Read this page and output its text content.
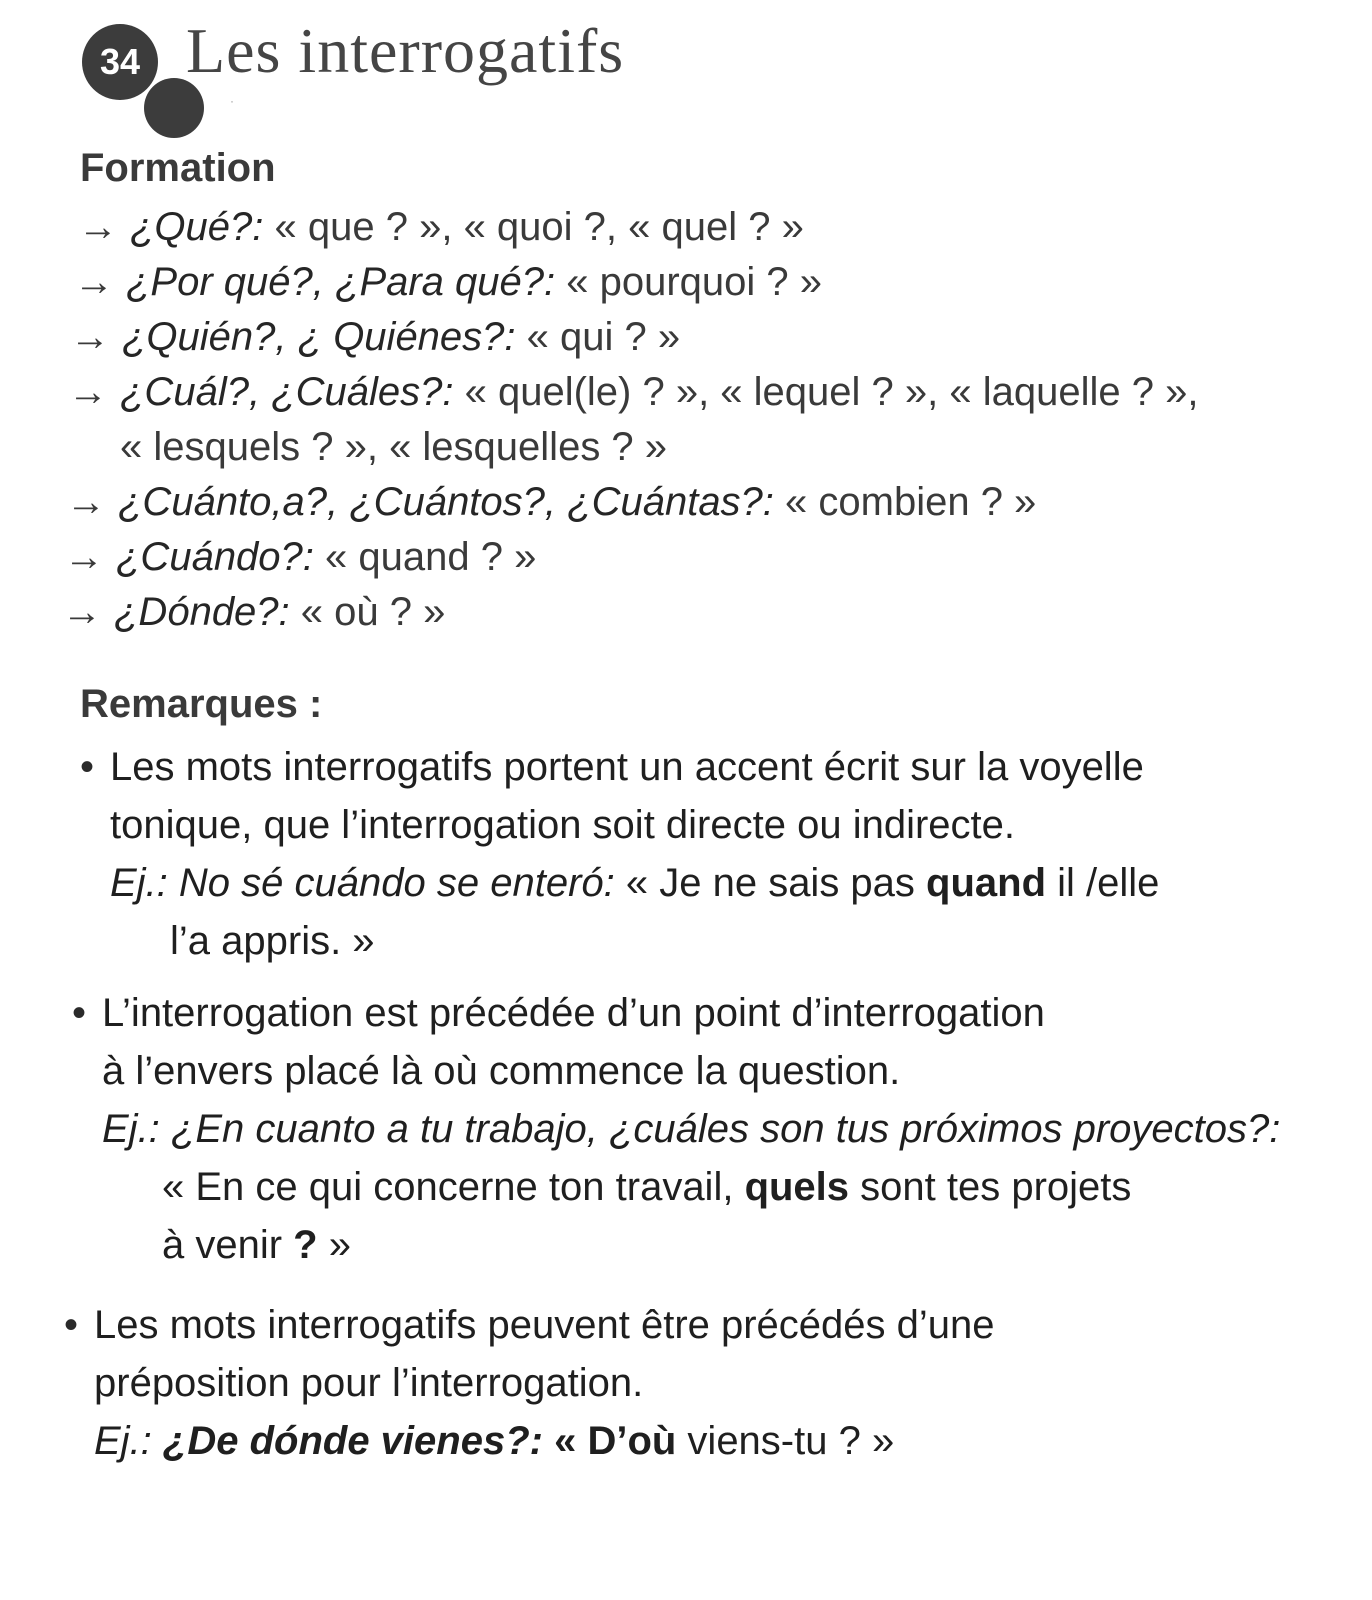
34
·
Les interrogatifs
Formation
→ ¿Qué?: « que ? », « quoi ?, « quel ? »
→ ¿Por qué?, ¿Para qué?: « pourquoi ? »
→ ¿Quién?, ¿ Quiénes?: « qui ? »
→ ¿Cuál?, ¿Cuáles?: « quel(le) ? », « lequel ? », « laquelle ? »,
« lesquels ? », « lesquelles ? »
→ ¿Cuánto,a?, ¿Cuántos?, ¿Cuántas?: « combien ? »
→ ¿Cuándo?: « quand ? »
→ ¿Dónde?: « où ? »
Remarques :
• Les mots interrogatifs portent un accent écrit sur la voyelle
tonique, que l’interrogation soit directe ou indirecte.
Ej.: No sé cuándo se enteró: « Je ne sais pas quand il /elle
l’a appris. »
• L’interrogation est précédée d’un point d’interrogation
à l’envers placé là où commence la question.
Ej.: ¿En cuanto a tu trabajo, ¿cuáles son tus próximos proyectos?:
« En ce qui concerne ton travail, quels sont tes projets
à venir ? »
• Les mots interrogatifs peuvent être précédés d’une
préposition pour l’interrogation.
Ej.: ¿De dónde vienes?: « D’où viens-tu ? »
